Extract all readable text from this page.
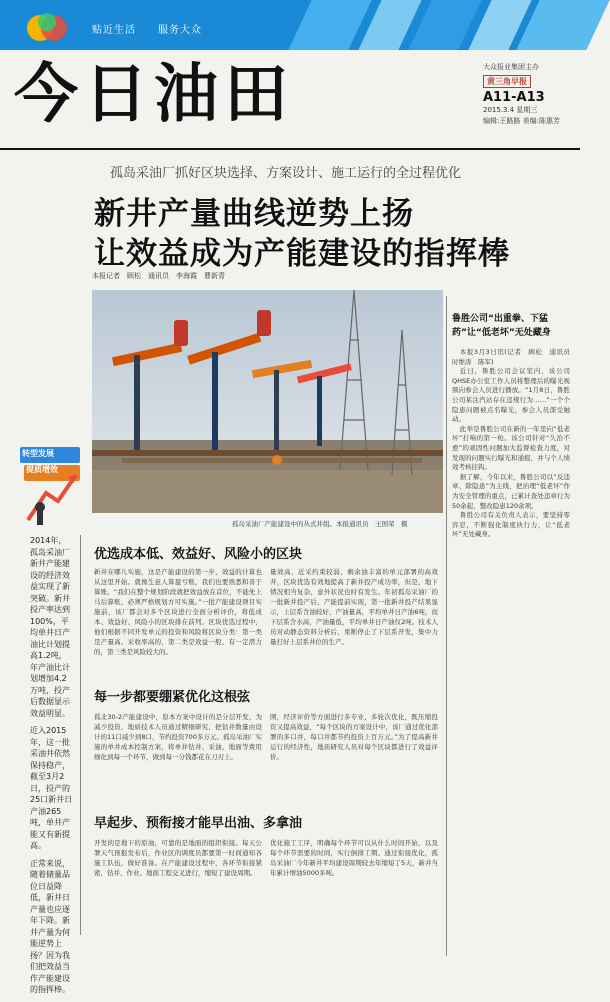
贴近生活 服务大众
今日油田	大众报业集团主办
黄三角早报
A11-A13
2015.3.4 星期三
编辑:王路路 美编:陈惠芳
孤岛采油厂抓好区块选择、方案设计、施工运行的全过程优化
新井产量曲线逆势上扬
让效益成为产能建设的指挥棒
本报记者　顾松　通讯员　李海霞　曹新青
孤岛采油厂产能建设中的丛式井组。本报通讯员　王国荣　摄
转型发展
提质增效

2014年，孤岛采油厂新井产能建设的经济效益实现了新突破。新井投产率达到100%，平均单井日产油比计划提高1.2吨，年产油比计划增加4.2万吨，投产后数据显示效益明显。

近入2015年，这一批采油井依然保持稳产，截至3月2日，投产的25口新井日产油265吨，单井产能又有新提高。

正常来说，随着储量品位日益降低，新井日产量也应逐年下降。新井产量为何能逆势上扬？因为我们把效益当作产能建设的指挥棒。

优选成本低、效益好、风险小的区块
新井在哪儿实施，这是产能建设的第一步，效益的计算也从这里开始。就像生意人算盈亏账，我们也要熟悉和善于算账。“我们在整个规划阶段就把效益放在首位，不能先上马后算账，必须严格规划方可实施。”一批产能建设项目实施前，该厂都会对多个区块进行全面分析评价，将低成本、效益好、风险小的区块排在前列。区块优选过程中，他们根据不同开发单元的投资和风险将区块分类：第一类是产量高、采收率高的，第二类是效益一般、有一定潜力的，第三类是风险较大的。
量效高、近采约束较弱、剩余油丰富的单元部署的高效井，区块优选有效地提高了新井投产成功率，但是，地下情况相当复杂，意外状况也时有发生。年初孤岛采油厂的一批新井投产后，产能提前实现，第一批新井投产结果显示，上层系含油较好，产油量高，平均单井日产油6吨，而下层系含水高，产油量低，平均单井日产油仅2吨。技术人员对动静态资料分析后，果断停止了下层系开发，集中力量打好上层系井位的生产。
每一步都要绷紧优化这根弦
孤北30-2产能建设中，原本方案中设计的是分层开发，为减少投资，地质技术人员通过精细研究，把钻井数量由设计的11口减少到8口，节约投资700多万元。孤岛采油厂实施的单井成本控制方案，将单井钻井、采油、地面等费用细化到每一个环节，做到每一分钱都花在刀刃上。
围，经济评价等方面进行多专业、多轮次优化，既压缩投资又提高效益，“每个区块的方案设计中，该厂通过优化部署的多口井，每口井都节约投资上百万元。”为了提高新井运行的经济性，地质研究人员对每个区块都进行了效益评价。
早起步、预衔接才能早出油、多拿油
开发的是地下的原油，可靠的是地面的组织衔接。每天公署天气预报发布后，作业区的调度员都要第一时间通知各施工队伍，做好准备。在产能建设过程中，各环节衔接紧密，钻井、作业、地面工程交叉进行，缩短了建设周期。
优化施工工序，明确每个环节可以从什么时间开始，以及每个环节需要的时间，实行倒排工期。通过衔接优化，孤岛采油厂今年新井平均建设周期较去年缩短了5天，新井当年累计增油5000多吨。
鲁胜公司“出重拳、下猛药”让“低老坏”无处藏身

本报3月3日讯(记者　顾松　通讯员　时维涛　陈军)

近日，鲁胜公司会议室内，该公司QHSE办公室工作人员将整理后的曝光视频向参会人员进行播放。“1月8日，鲁胜公司某注汽站存在违规行为……”一个个隐患问题被点名曝光，参会人员深受触动。

此举是鲁胜公司在新的一年里向“低老坏”打响的第一枪。该公司针对“久治不愈”的顽固性问题加大监督检查力度，对发现的问题实行曝光和通报，并与个人绩效考核挂钩。

据了解，今年以来，鲁胜公司以“反违章、除隐患”为主线，把治理“低老坏”作为安全管理的重点，已累计查处违章行为50余起，整改隐患120余项。

鲁胜公司有关负责人表示，要坚持零容忍，不断强化制度执行力，让“低老坏”无处藏身。
